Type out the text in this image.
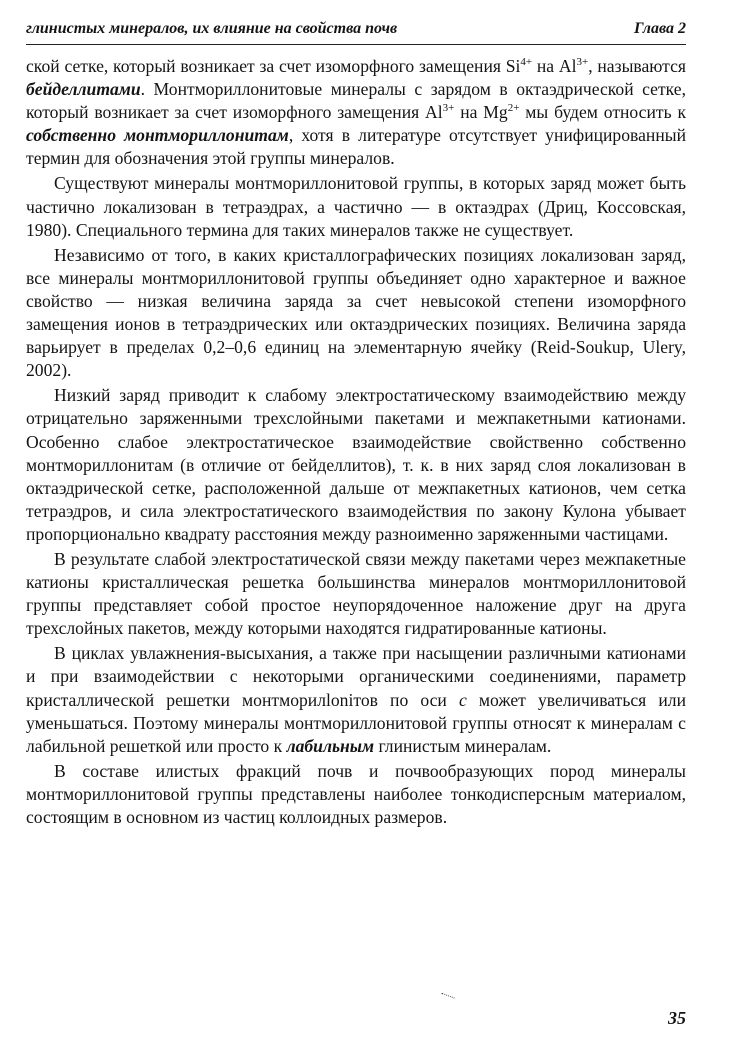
глинистых минералов, их влияние на свойства почв	Глава 2

ской сетке, который возникает за счет изоморфного замещения $Si^{4+}$ на $Al^{3+}$, называются бейделлитами. Монтмориллонитовые минералы с зарядом в октаэдрической сетке, который возникает за счет изоморфного замещения $Al^{3+}$ на $Mg^{2+}$ мы будем относить к собственно монтмориллонитам, хотя в литературе отсутствует унифицированный термин для обозначения этой группы минералов.

Существуют минералы монтмориллонитовой группы, в которых заряд может быть частично локализован в тетраэдрах, а частично — в октаэдрах (Дриц, Коссовская, 1980). Специального термина для таких минералов также не существует.

Независимо от того, в каких кристаллографических позициях локализован заряд, все минералы монтмориллонитовой группы объединяет одно характерное и важное свойство — низкая величина заряда за счет невысокой степени изоморфного замещения ионов в тетраэдрических или октаэдрических позициях. Величина заряда варьирует в пределах 0,2–0,6 единиц на элементарную ячейку (Reid-Soukup, Ulery, 2002).

Низкий заряд приводит к слабому электростатическому взаимодействию между отрицательно заряженными трехслойными пакетами и межпакетными катионами. Особенно слабое электростатическое взаимодействие свойственно собственно монтмориллонитам (в отличие от бейделлитов), т. к. в них заряд слоя локализован в октаэдрической сетке, расположенной дальше от межпакетных катионов, чем сетка тетраэдров, и сила электростатического взаимодействия по закону Кулона убывает пропорционально квадрату расстояния между разноименно заряженными частицами.

В результате слабой электростатической связи между пакетами через межпакетные катионы кристаллическая решетка большинства минералов монтмориллонитовой группы представляет собой простое неупорядоченное наложение друг на друга трехслойных пакетов, между которыми находятся гидратированные катионы.

В циклах увлажнения-высыхания, а также при насыщении различными катионами и при взаимодействии с некоторыми органическими соединениями, параметр кристаллической решетки монтморилloniтов по оси c может увеличиваться или уменьшаться. Поэтому минералы монтмориллонитовой группы относят к минералам с лабильной решеткой или просто к лабильным глинистым минералам.

В составе илистых фракций почв и почвообразующих пород минералы монтмориллонитовой группы представлены наиболее тонкодисперсным материалом, состоящим в основном из частиц коллоидных размеров.

35
